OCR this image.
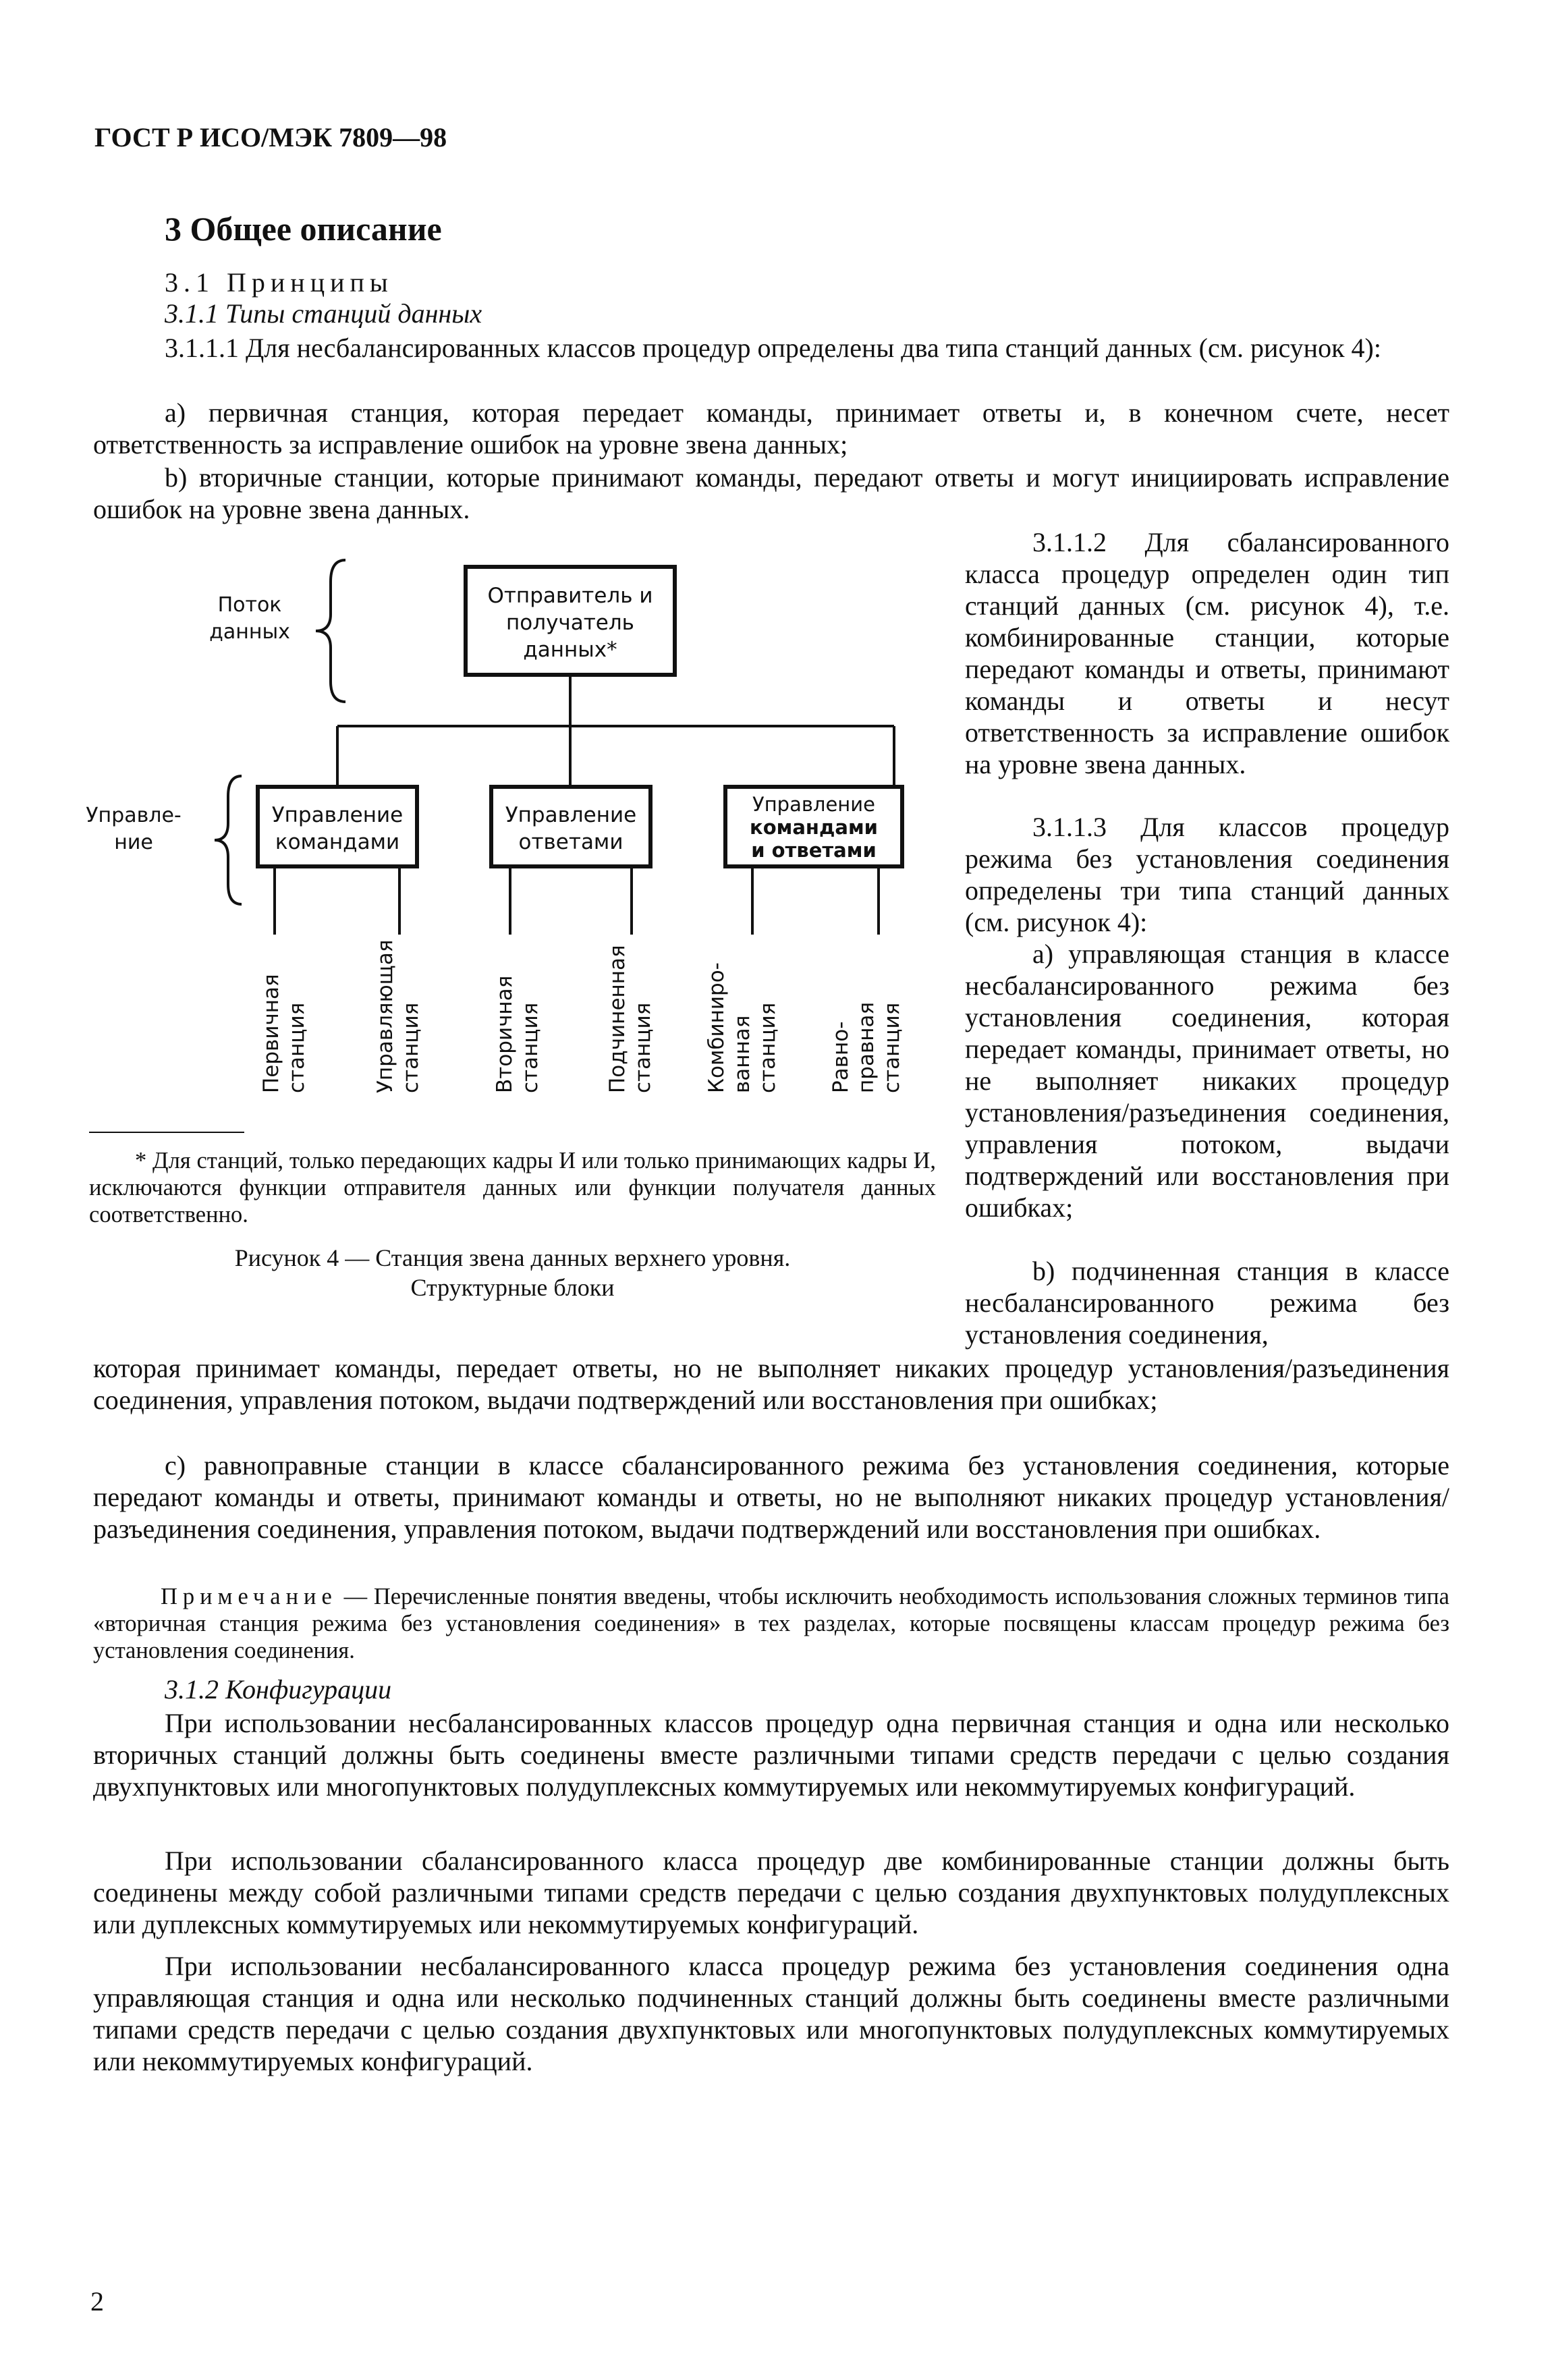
ГОСТ Р ИСО/МЭК 7809—98
3 Общее описание
3.1 Принципы
3.1.1 Типы станций данных
3.1.1.1 Для несбалансированных классов процедур определены два типа станций данных (см. рисунок 4):
а) первичная станция, которая передает команды, принимает ответы и, в конечном счете, несет ответственность за исправление ошибок на уровне звена данных;
b) вторичные станции, которые принимают команды, передают ответы и могут инициировать исправление ошибок на уровне звена данных.
Отправитель и
получатель
данных*
Управление
командами
Управление
ответами
Управление
командами
и ответами
Поток
данных
Управле-
ние
Первичная станция	Управляющая станция	Вторичная станция	Подчиненная станция Комбиниро- ванная станция Равно- правная станция
3.1.1.2 Для сбалансированного класса процедур определен один тип станций данных (см. рисунок 4), т.е. комбинированные станции, которые передают команды и ответы, принимают команды и ответы и несут ответственность за исправление ошибок на уровне звена данных.
3.1.1.3 Для классов процедур режима без установления соединения определены три типа станций данных (см. рисунок 4):
а) управляющая станция в классе несбалансированного режима без установления соединения, которая передает команды, принимает ответы, но не выполняет никаких процедур установления/разъединения соединения, управления потоком, выдачи подтверждений или восстановления при ошибках;
b) подчиненная станция в классе несбалансированного режима без установления соединения,
* Для станций, только передающих кадры И или только принимающих кадры И, исключаются функции отправителя данных или функции получателя данных соответственно.
Рисунок 4 — Станция звена данных верхнего уровня.
Структурные блоки
которая принимает команды, передает ответы, но не выполняет никаких процедур установления/разъединения соединения, управления потоком, выдачи подтверждений или восстановления при ошибках;
с) равноправные станции в классе сбалансированного режима без установления соединения, которые передают команды и ответы, принимают команды и ответы, но не выполняют никаких процедур установления/разъединения соединения, управления потоком, выдачи подтверждений или восстановления при ошибках.
Примечание — Перечисленные понятия введены, чтобы исключить необходимость использования сложных терминов типа «вторичная станция режима без установления соединения» в тех разделах, которые посвящены классам процедур режима без установления соединения.
3.1.2 Конфигурации
При использовании несбалансированных классов процедур одна первичная станция и одна или несколько вторичных станций должны быть соединены вместе различными типами средств передачи с целью создания двухпунктовых или многопунктовых полудуплексных коммутируемых или некоммутируемых конфигураций.
При использовании сбалансированного класса процедур две комбинированные станции должны быть соединены между собой различными типами средств передачи с целью создания двухпунктовых полудуплексных или дуплексных коммутируемых или некоммутируемых конфигураций.
При использовании несбалансированного класса процедур режима без установления соединения одна управляющая станция и одна или несколько подчиненных станций должны быть соединены вместе различными типами средств передачи с целью создания двухпунктовых или многопунктовых полудуплексных коммутируемых или некоммутируемых конфигураций.
2
